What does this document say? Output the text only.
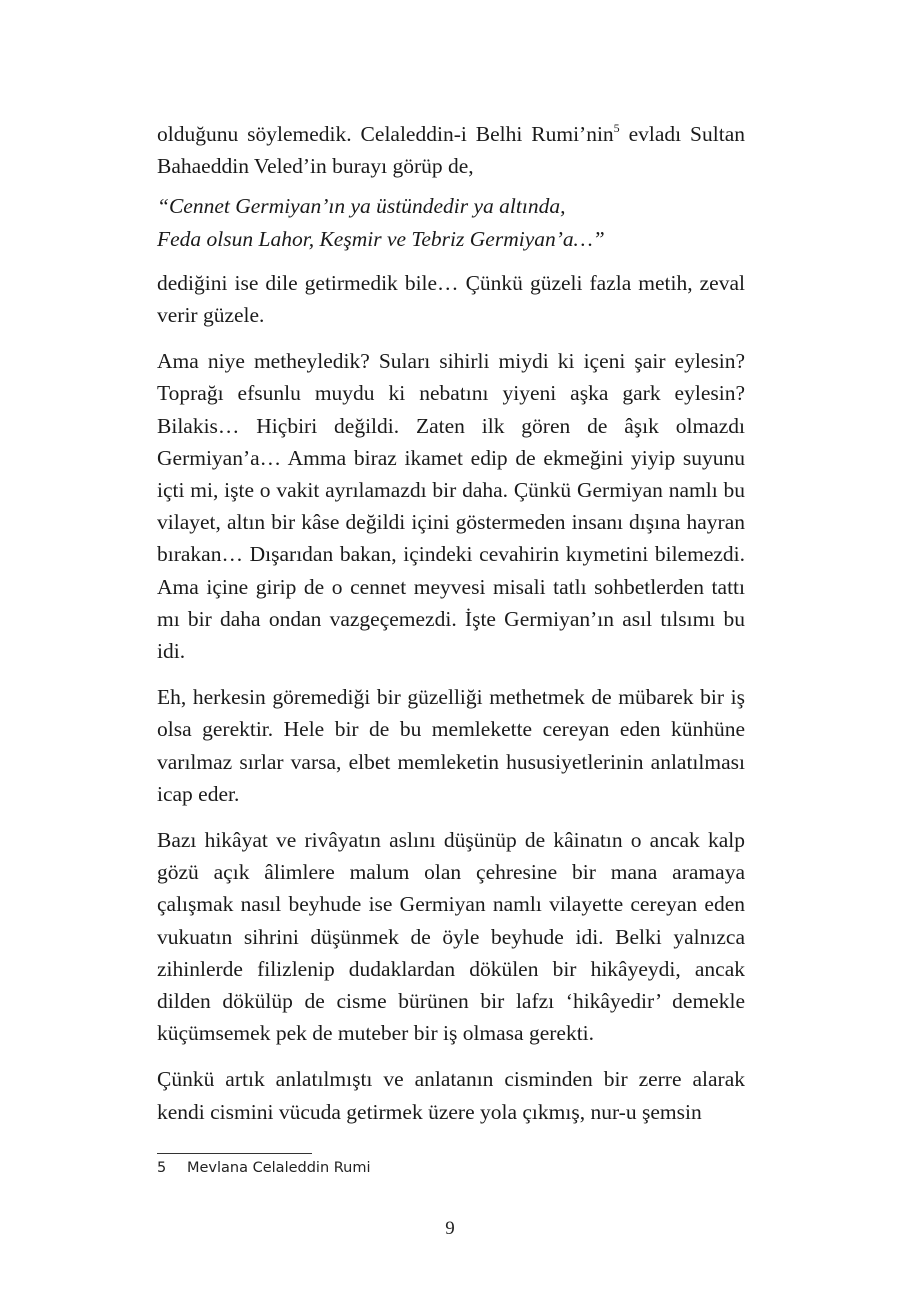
olduğunu söylemedik. Celaleddin-i Belhi Rumi’nin$^5$ evladı Sultan Bahaeddin Veled’in burayı görüp de,

“Cennet Germiyan’ın ya üstündedir ya altında,
Feda olsun Lahor, Keşmir ve Tebriz Germiyan’a…”

dediğini ise dile getirmedik bile… Çünkü güzeli fazla metih, zeval verir güzele.

Ama niye metheyledik? Suları sihirli miydi ki içeni şair eylesin? Toprağı efsunlu muydu ki nebatını yiyeni aşka gark eylesin? Bilakis… Hiçbiri değildi. Zaten ilk gören de âşık olmazdı Germiyan’a… Amma biraz ikamet edip de ekmeğini yiyip suyunu içti mi, işte o vakit ayrılamazdı bir daha. Çünkü Germiyan namlı bu vilayet, altın bir kâse değildi içini göstermeden insanı dışına hayran bırakan… Dışarıdan bakan, içindeki cevahirin kıymetini bilemezdi. Ama içine girip de o cennet meyvesi misali tatlı sohbetlerden tattı mı bir daha ondan vazgeçemezdi. İşte Germiyan’ın asıl tılsımı bu idi.

Eh, herkesin göremediği bir güzelliği methetmek de mübarek bir iş olsa gerektir. Hele bir de bu memlekette cereyan eden künhüne varılmaz sırlar varsa, elbet memleketin hususiyetlerinin anlatılması icap eder.

Bazı hikâyat ve rivâyatın aslını düşünüp de kâinatın o ancak kalp gözü açık âlimlere malum olan çehresine bir mana aramaya çalışmak nasıl beyhude ise Germiyan namlı vilayette cereyan eden vukuatın sihrini düşünmek de öyle beyhude idi. Belki yalnızca zihinlerde filizlenip dudaklardan dökülen bir hikâyeydi, ancak dilden dökülüp de cisme bürünen bir lafzı ‘hikâyedir’ demekle küçümsemek pek de muteber bir iş olmasa gerekti.

Çünkü artık anlatılmıştı ve anlatanın cisminden bir zerre alarak kendi cismini vücuda getirmek üzere yola çıkmış, nur-u şemsin

5 Mevlana Celaleddin Rumi
9
